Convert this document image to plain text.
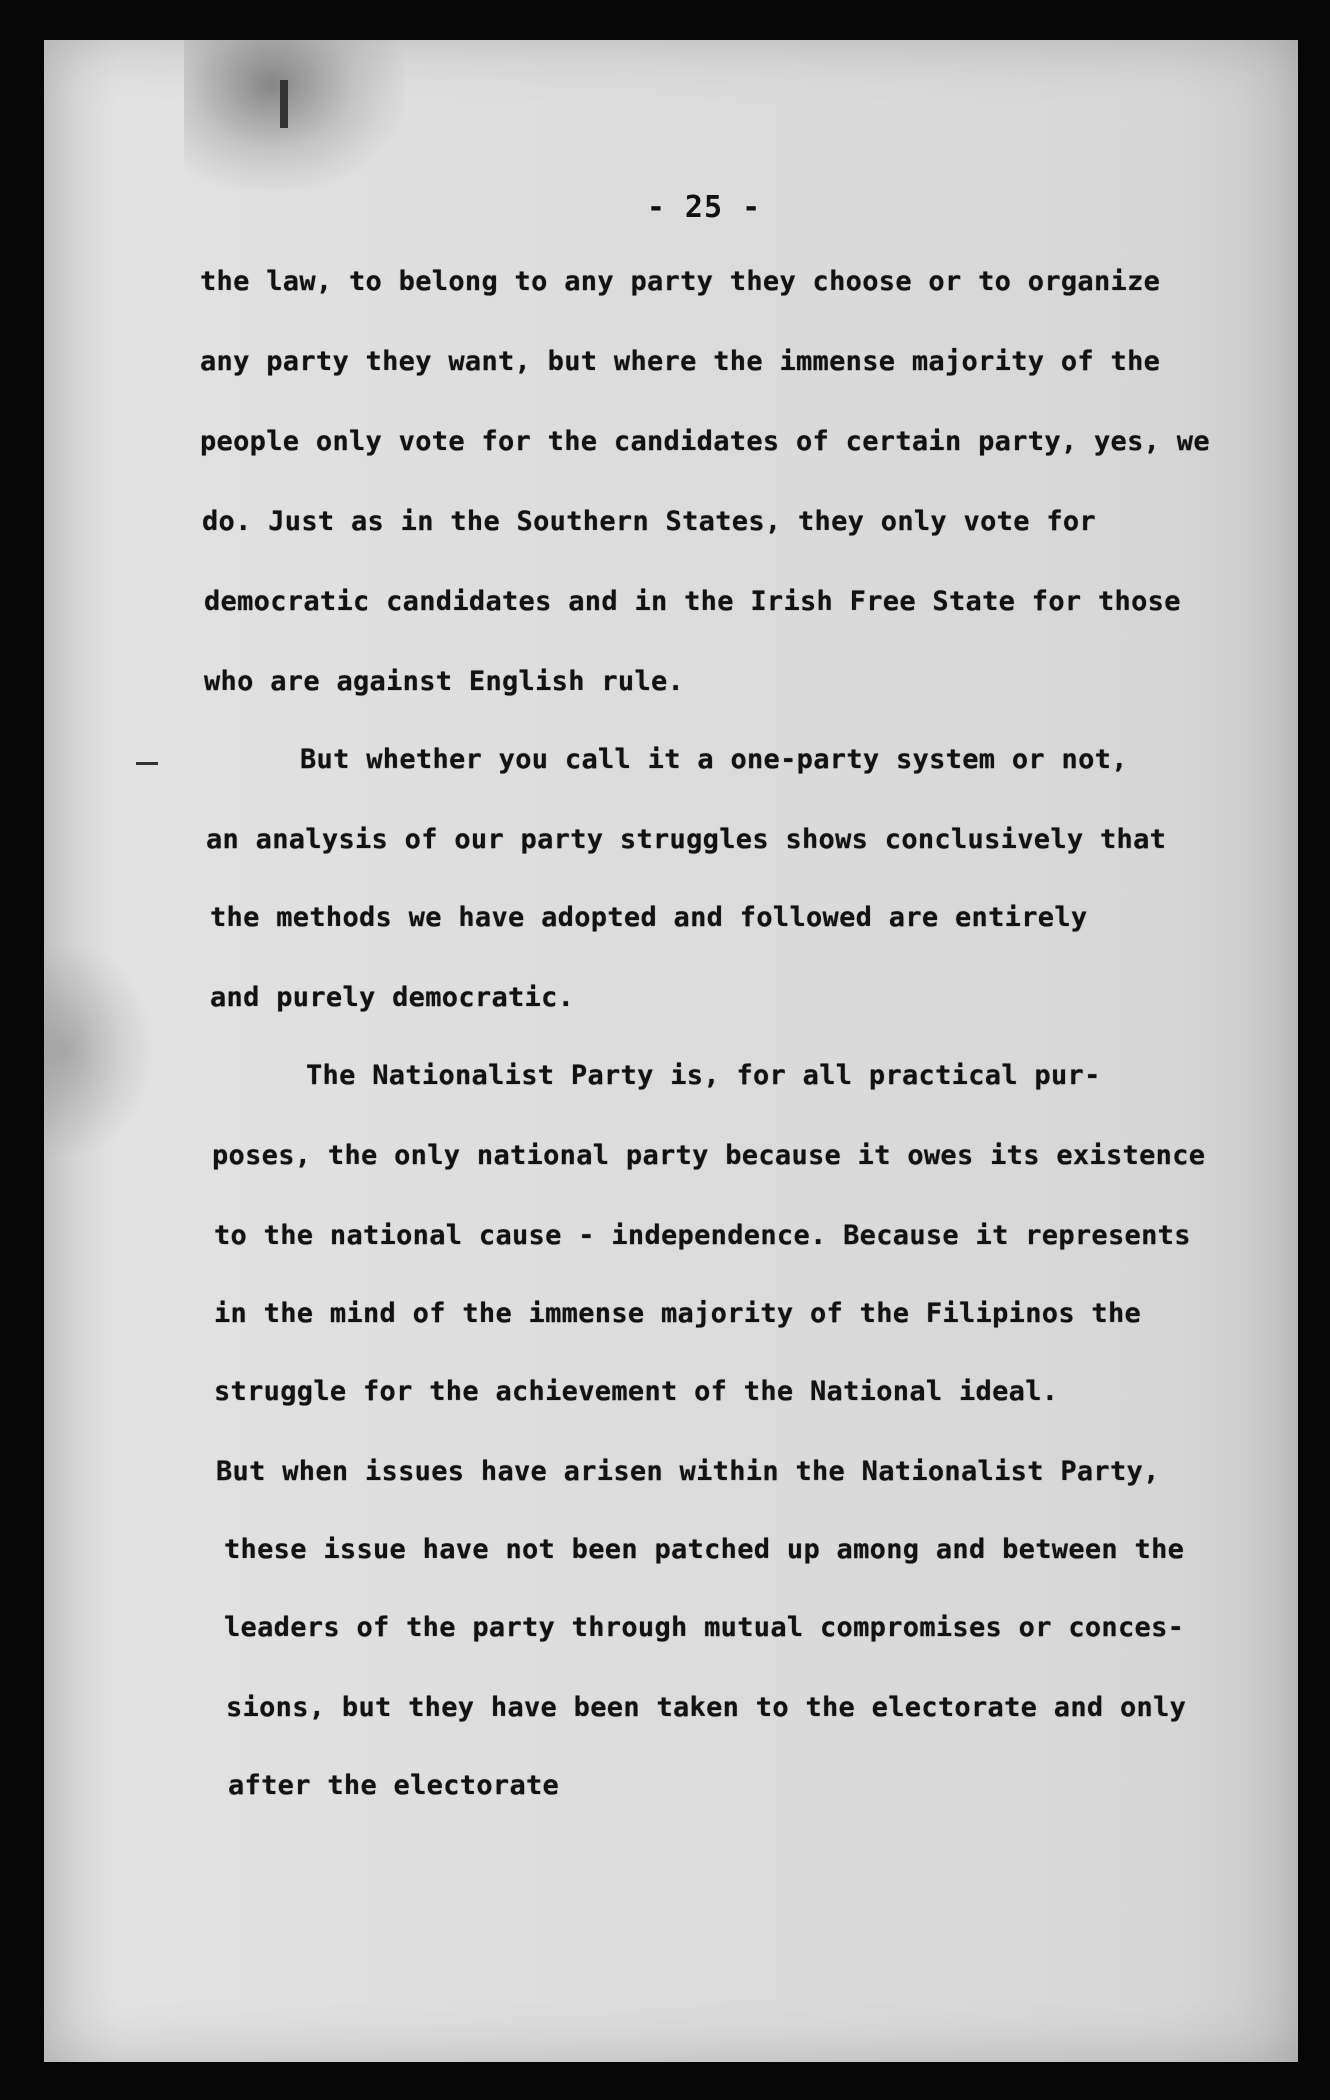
- 25 -
the law, to belong to any party they choose or to organize
any party they want, but where the immense majority of the
people only vote for the candidates of certain party, yes, we
do. Just as in the Southern States, they only vote for
democratic candidates and in the Irish Free State for those
who are against English rule.
But whether you call it a one-party system or not,
an analysis of our party struggles shows conclusively that
the methods we have adopted and followed are entirely
and purely democratic.
The Nationalist Party is, for all practical pur-
poses, the only national party because it owes its existence
to the national cause - independence. Because it represents
in the mind of the immense majority of the Filipinos the
struggle for the achievement of the National ideal.
But when issues have arisen within the Nationalist Party,
these issue have not been patched up among and between the
leaders of the party through mutual compromises or conces-
sions, but they have been taken to the electorate and only
after the electorate
